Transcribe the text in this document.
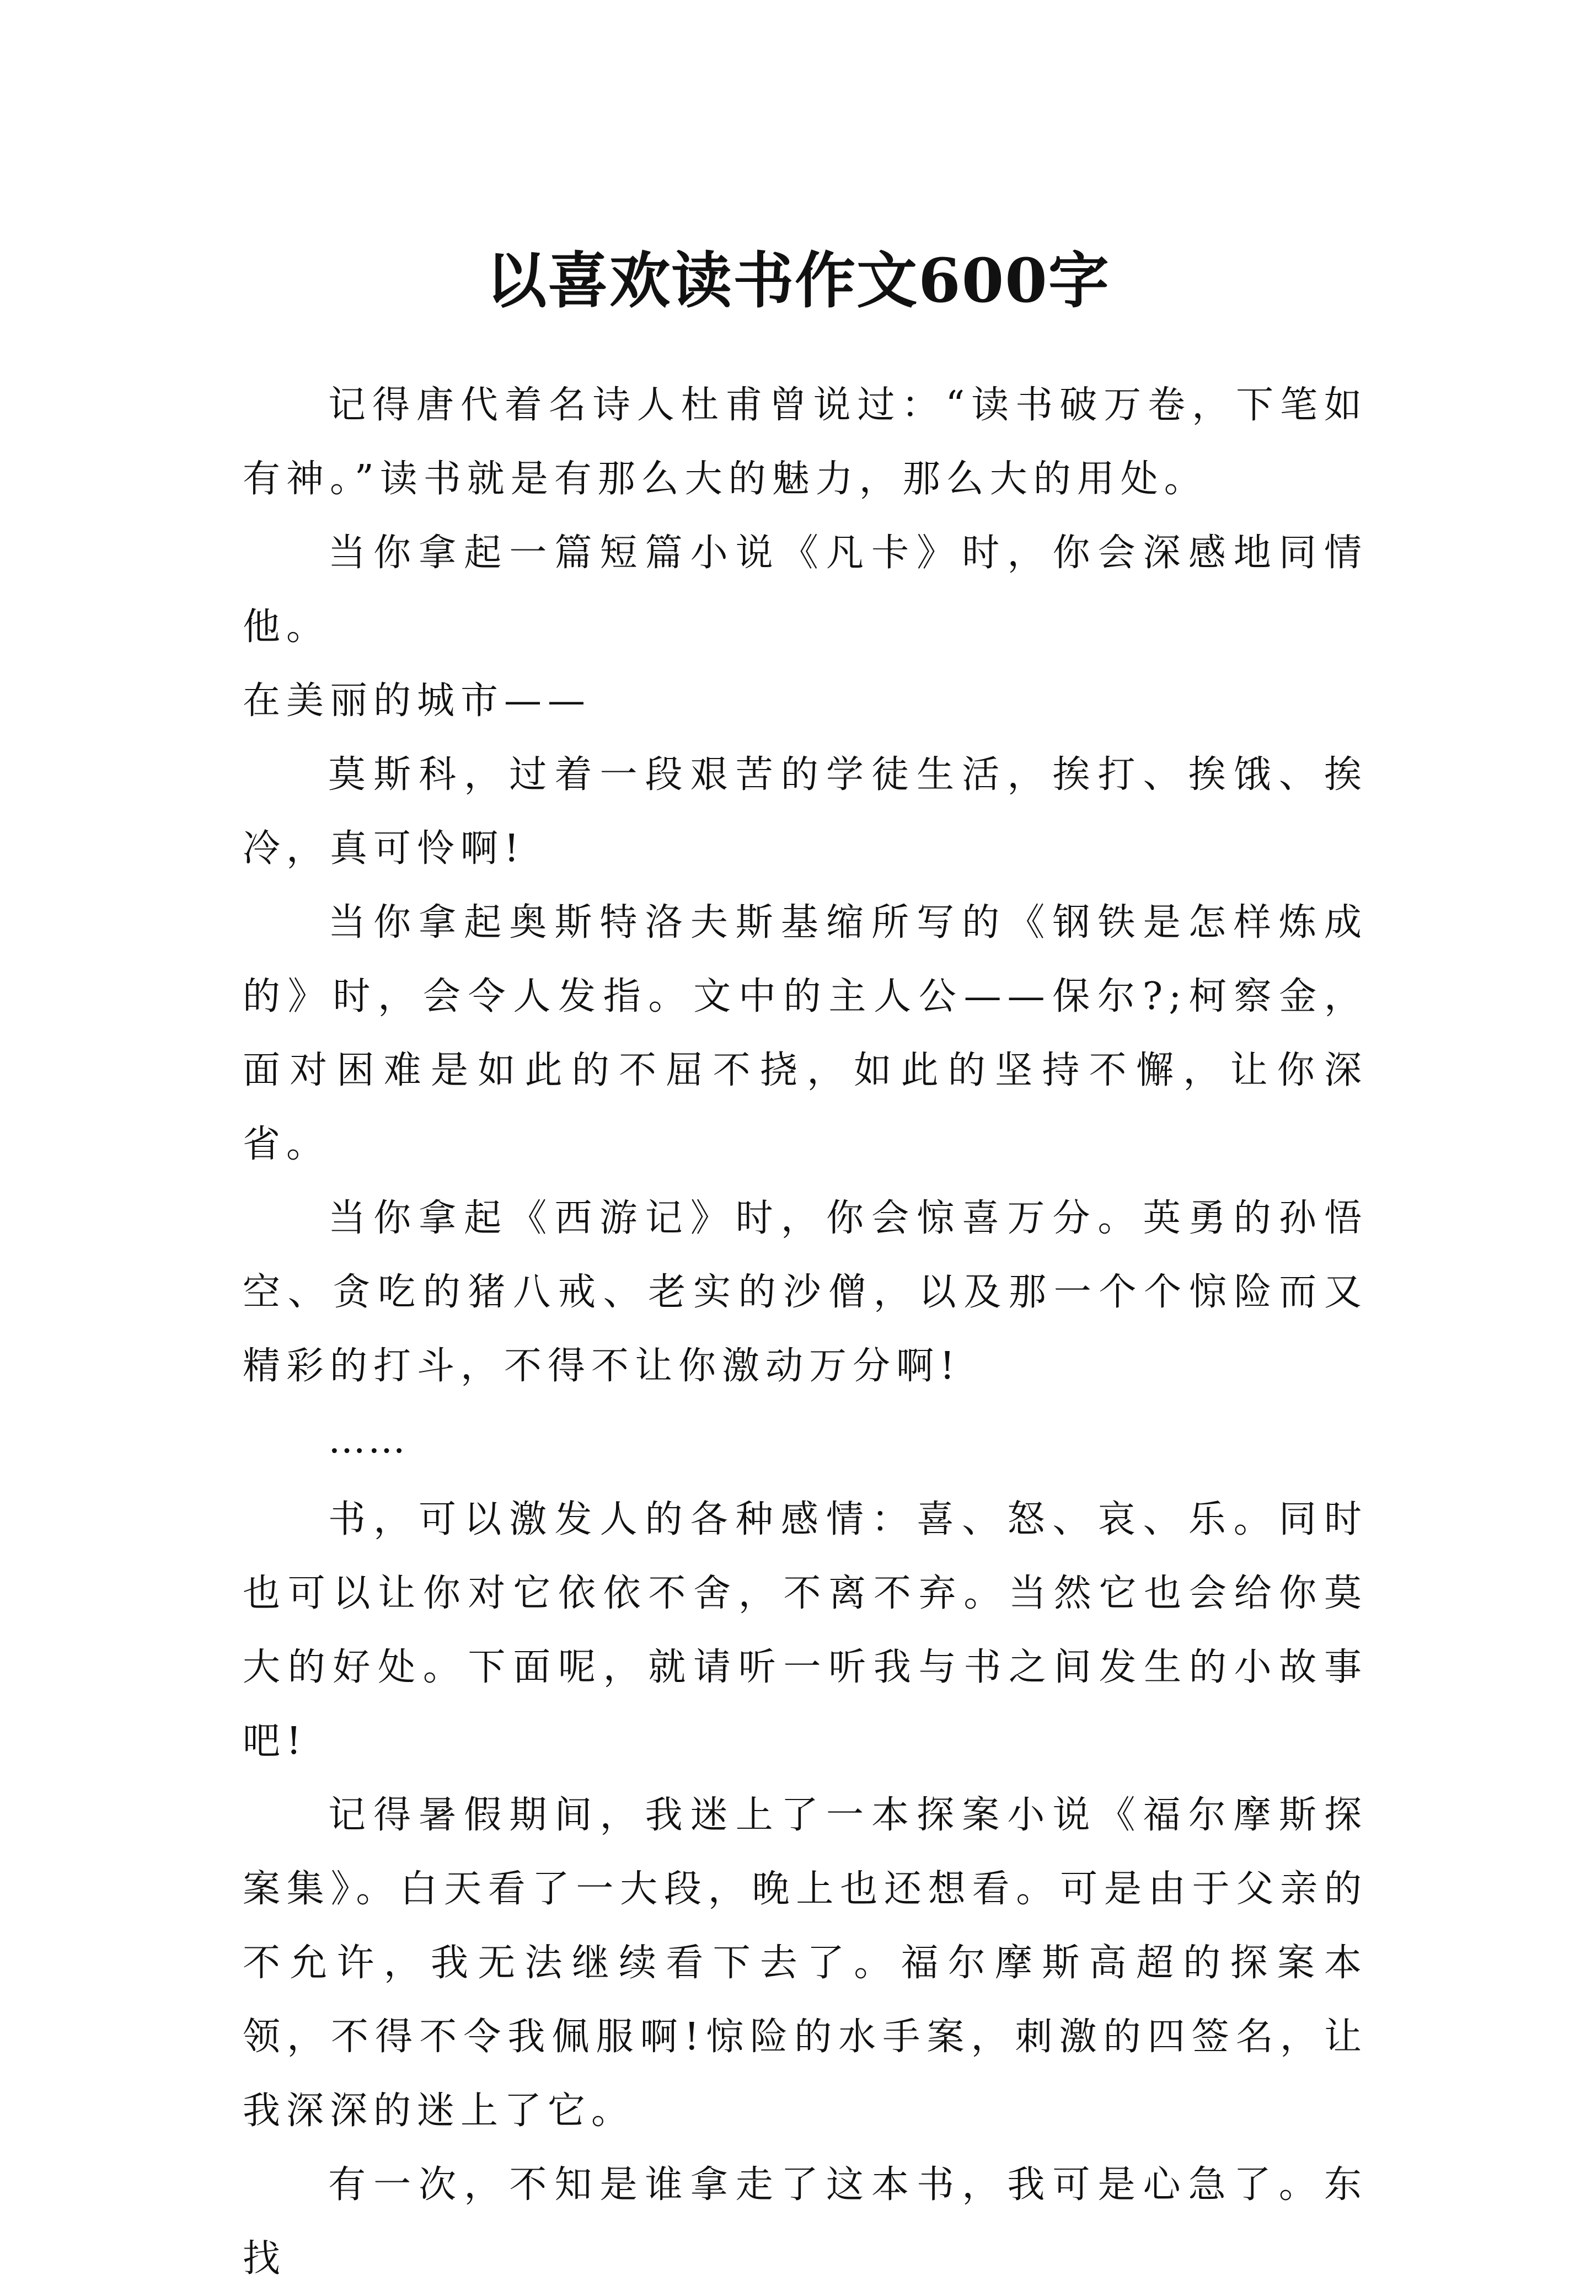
以喜欢读书作文600字

记得唐代着名诗人杜甫曾说过：“读书破万卷，下笔如有神。”读书就是有那么大的魅力，那么大的用处。

当你拿起一篇短篇小说《凡卡》时，你会深感地同情他。

在美丽的城市——

莫斯科，过着一段艰苦的学徒生活，挨打、挨饿、挨冷，真可怜啊!

当你拿起奥斯特洛夫斯基缩所写的《钢铁是怎样炼成的》时，会令人发指。文中的主人公——保尔?;柯察金，面对困难是如此的不屈不挠，如此的坚持不懈，让你深省。

当你拿起《西游记》时，你会惊喜万分。英勇的孙悟空、贪吃的猪八戒、老实的沙僧，以及那一个个惊险而又精彩的打斗，不得不让你激动万分啊!

……

书，可以激发人的各种感情：喜、怒、哀、乐。同时也可以让你对它依依不舍，不离不弃。当然它也会给你莫大的好处。下面呢，就请听一听我与书之间发生的小故事吧!

记得暑假期间，我迷上了一本探案小说《福尔摩斯探案集》。白天看了一大段，晚上也还想看。可是由于父亲的不允许，我无法继续看下去了。福尔摩斯高超的探案本领，不得不令我佩服啊!惊险的水手案，刺激的四签名，让我深深的迷上了它。

有一次，不知是谁拿走了这本书，我可是心急了。东找
